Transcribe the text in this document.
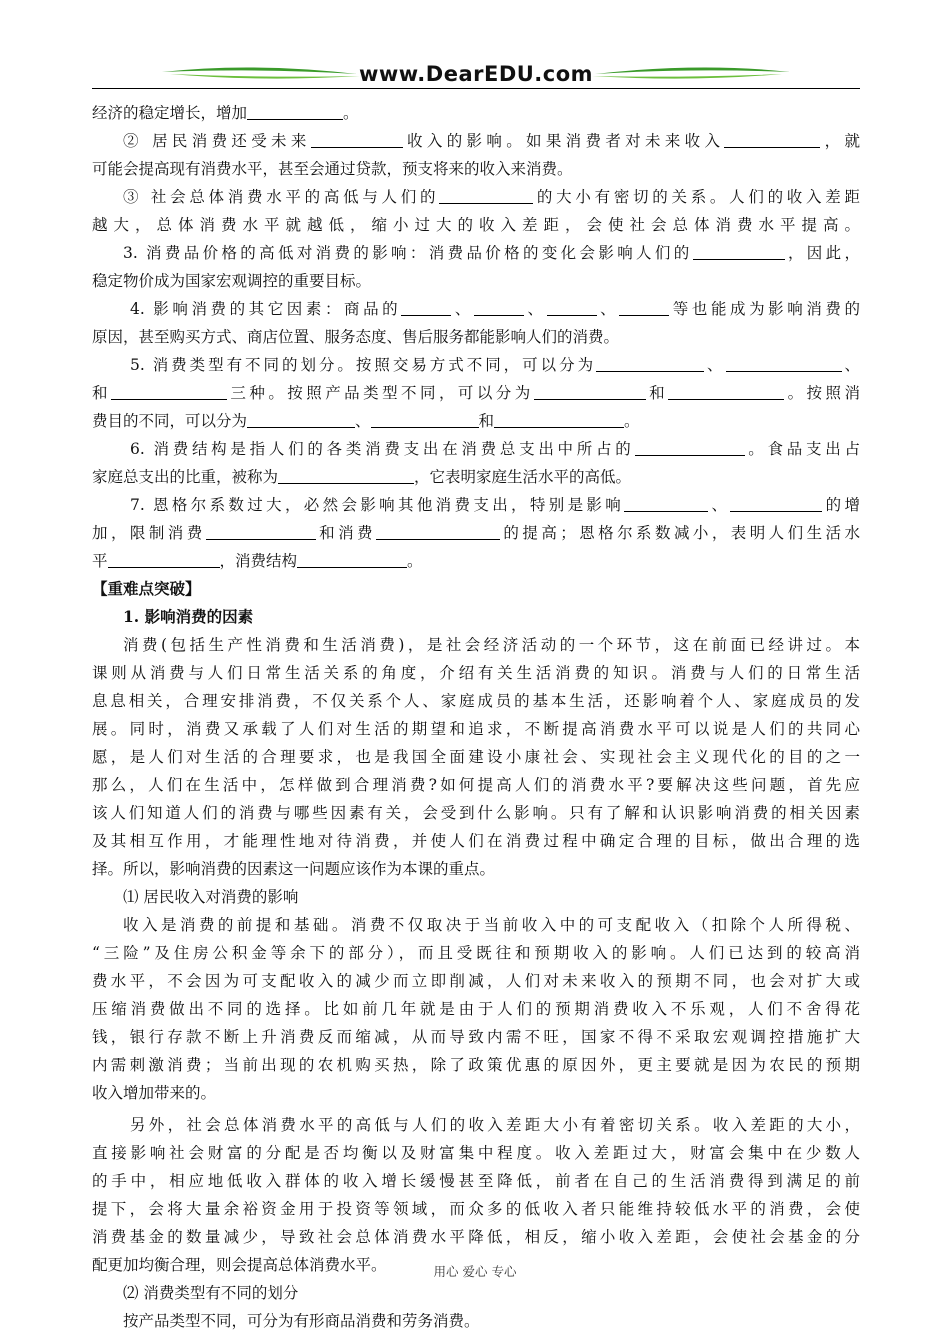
www.DearEDU.com

经济的稳定增长，增加	。

② 居民消费还受未来	收入的影响。如果消费者对未来收入	，就

可能会提高现有消费水平，甚至会通过贷款，预支将来的收入来消费。

③ 社会总体消费水平的高低与人们的	的大小有密切的关系。人们的收入差距

越大，总体消费水平就越低，缩小过大的收入差距，会使社会总体消费水平提高。

3. 消费品价格的高低对消费的影响：消费品价格的变化会影响人们的	，因此，

稳定物价成为国家宏观调控的重要目标。

4. 影响消费的其它因素：商品的	、	、	、	等也能成为影响消费的

原因，甚至购买方式、商店位置、服务态度、售后服务都能影响人们的消费。

5. 消费类型有不同的划分。按照交易方式不同，可以分为	、	、

和	三种。按照产品类型不同，可以分为	和	。按照消

费目的不同，可以分为	、	和	。

6. 消费结构是指人们的各类消费支出在消费总支出中所占的	。食品支出占

家庭总支出的比重，被称为	，它表明家庭生活水平的高低。

7. 恩格尔系数过大，必然会影响其他消费支出，特别是影响	、	的增

加，限制消费	和消费	的提高；恩格尔系数减小，表明人们生活水

平	，消费结构	。

【重难点突破】

1. 影响消费的因素

消费(包括生产性消费和生活消费)，是社会经济活动的一个环节，这在前面已经讲过。本

课则从消费与人们日常生活关系的角度，介绍有关生活消费的知识。消费与人们的日常生活

息息相关，合理安排消费，不仅关系个人、家庭成员的基本生活，还影响着个人、家庭成员的发

展。同时，消费又承载了人们对生活的期望和追求，不断提高消费水平可以说是人们的共同心

愿，是人们对生活的合理要求，也是我国全面建设小康社会、实现社会主义现代化的目的之一

那么，人们在生活中，怎样做到合理消费?如何提高人们的消费水平?要解决这些问题，首先应

该人们知道人们的消费与哪些因素有关，会受到什么影响。只有了解和认识影响消费的相关因素

及其相互作用，才能理性地对待消费，并使人们在消费过程中确定合理的目标，做出合理的选

择。所以，影响消费的因素这一问题应该作为本课的重点。

⑴ 居民收入对消费的影响

收入是消费的前提和基础。消费不仅取决于当前收入中的可支配收入（扣除个人所得税、

“三险”及住房公积金等余下的部分），而且受既往和预期收入的影响。人们已达到的较高消

费水平，不会因为可支配收入的减少而立即削减，人们对未来收入的预期不同，也会对扩大或

压缩消费做出不同的选择。比如前几年就是由于人们的预期消费收入不乐观，人们不舍得花

钱，银行存款不断上升消费反而缩减，从而导致内需不旺，国家不得不采取宏观调控措施扩大

内需刺激消费；当前出现的农机购买热，除了政策优惠的原因外，更主要就是因为农民的预期

收入增加带来的。

另外，社会总体消费水平的高低与人们的收入差距大小有着密切关系。收入差距的大小，

直接影响社会财富的分配是否均衡以及财富集中程度。收入差距过大，财富会集中在少数人

的手中，相应地低收入群体的收入增长缓慢甚至降低，前者在自己的生活消费得到满足的前

提下，会将大量余裕资金用于投资等领域，而众多的低收入者只能维持较低水平的消费，会使

消费基金的数量减少，导致社会总体消费水平降低，相反，缩小收入差距，会使社会基金的分

配更加均衡合理，则会提高总体消费水平。

⑵ 消费类型有不同的划分

按产品类型不同，可分为有形商品消费和劳务消费。

用心 爱心 专心
